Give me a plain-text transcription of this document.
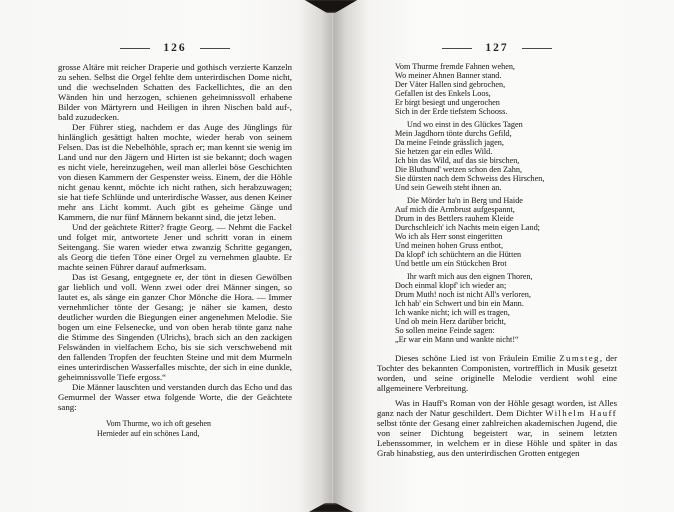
126

grosse Altäre mit reicher Draperie und gothisch verzierte Kanzeln zu sehen. Selbst die Orgel fehlte dem unterirdischen Dome nicht, und die wechselnden Schatten des Fackellichtes, die an den Wänden hin und herzogen, schienen geheimnissvoll erhabene Bilder von Märtyrern und Heiligen in ihren Nischen bald auf-, bald zuzudecken.

Der Führer stieg, nachdem er das Auge des Jünglings für hinlänglich gesättigt halten mochte, wieder herab von seinem Felsen. Das ist die Nebelhöhle, sprach er; man kennt sie wenig im Land und nur den Jägern und Hirten ist sie bekannt; doch wagen es nicht viele, hereinzugehen, weil man allerlei böse Geschichten von diesen Kammern der Gespenster weiss. Einem, der die Höhle nicht genau kennt, möchte ich nicht rathen, sich herabzuwagen; sie hat tiefe Schlünde und unterirdische Wasser, aus denen Keiner mehr ans Licht kommt. Auch gibt es geheime Gänge und Kammern, die nur fünf Männern bekannt sind, die jetzt leben.

Und der geächtete Ritter? fragte Georg. — Nehmt die Fackel und folget mir, antwortete Jener und schritt voran in einem Seitengang. Sie waren wieder etwa zwanzig Schritte gegangen, als Georg die tiefen Töne einer Orgel zu vernehmen glaubte. Er machte seinen Führer darauf aufmerksam.

Das ist Gesang, entgegnete er, der tönt in diesen Gewölben gar lieblich und voll. Wenn zwei oder drei Männer singen, so lautet es, als sänge ein ganzer Chor Mönche die Hora. — Immer vernehmlicher tönte der Gesang; je näher sie kamen, desto deutlicher wurden die Biegungen einer angenehmen Melodie. Sie bogen um eine Felsenecke, und von oben herab tönte ganz nahe die Stimme des Singenden (Ulrichs), brach sich an den zackigen Felswänden in vielfachem Echo, bis sie sich verschwebend mit den fallenden Tropfen der feuchten Steine und mit dem Murmeln eines unterirdischen Wasserfalles mischte, der sich in eine dunkle, geheimnissvolle Tiefe ergoss.“

Die Männer lauschten und verstanden durch das Echo und das Gemurmel der Wasser etwa folgende Worte, die der Geächtete sang:

Vom Thurme, wo ich oft gesehen
Hernieder auf ein schönes Land,
127
Vom Thurme fremde Fahnen wehen,
Wo meiner Ahnen Banner stand.
Der Väter Hallen sind gebrochen,
Gefallen ist des Enkels Loos,
Er birgt besiegt und ungerochen
Sich in der Erde tiefstem Schooss.
Und wo einst in des Glückes Tagen
Mein Jagdhorn tönte durchs Gefild,
Da meine Feinde grässlich jagen,
Sie hetzen gar ein edles Wild.
Ich bin das Wild, auf das sie birschen,
Die Bluthund' wetzen schon den Zahn,
Sie dürsten nach dem Schweiss des Hirschen,
Und sein Geweih steht ihnen an.
Die Mörder ha'n in Berg und Haide
Auf mich die Armbrust aufgespannt,
Drum in des Bettlers rauhem Kleide
Durchschleich' ich Nachts mein eigen Land;
Wo ich als Herr sonst eingeritten
Und meinen hohen Gruss entbot,
Da klopf' ich schüchtern an die Hütten
Und bettle um ein Stückchen Brot
Ihr warft mich aus den eignen Thoren,
Doch einmal klopf' ich wieder an;
Drum Muth! noch ist nicht All's verloren,
Ich hab' ein Schwert und bin ein Mann.
Ich wanke nicht; ich will es tragen,
Und ob mein Herz darüber bricht,
So sollen meine Feinde sagen:
„Er war ein Mann und wankte nicht!“

Dieses schöne Lied ist von Fräulein Emilie Zumsteg, der Tochter des bekannten Componisten, vortrefflich in Musik gesetzt worden, und seine originelle Melodie verdient wohl eine allgemeinere Verbreitung.

Was in Hauff's Roman von der Höhle gesagt worden, ist Alles ganz nach der Natur geschildert. Dem Dichter Wilhelm Hauff selbst tönte der Gesang einer zahlreichen akademischen Jugend, die von seiner Dichtung begeistert war, in seinem letzten Lebenssommer, in welchem er in diese Höhle und später in das Grab hinabstieg, aus den unterirdischen Grotten entgegen
